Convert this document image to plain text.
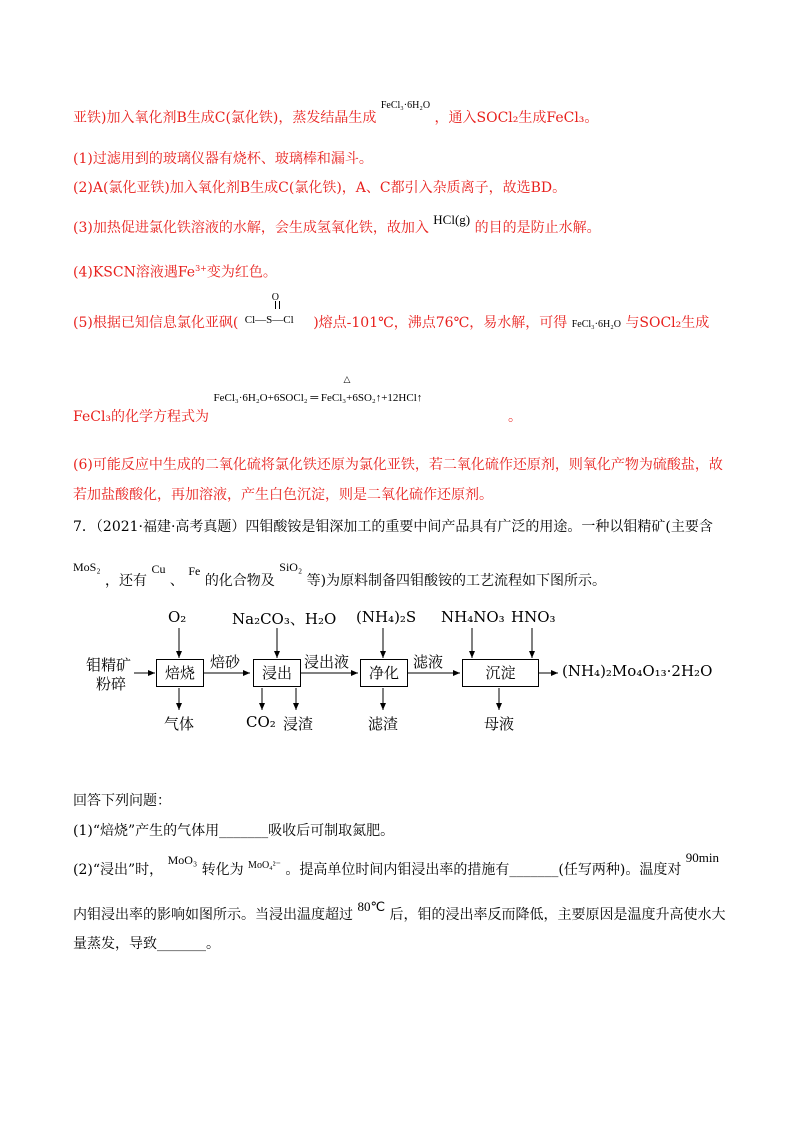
亚铁)加入氧化剂B生成C(氯化铁)，蒸发结晶生成 $^{FeCl_3\cdot 6H_2O}$ ，通入SOCl₂生成FeCl₃。
(1)过滤用到的玻璃仪器有烧杯、玻璃棒和漏斗。
(2)A(氯化亚铁)加入氧化剂B生成C(氯化铁)，A、C都引入杂质离子，故选BD。
(3)加热促进氯化铁溶液的水解，会生成氢氧化铁，故加入 HCl(g) 的目的是防止水解。
(4)KSCN溶液遇$Fe^{3+}$变为红色。
(5)根据已知信息氯化亚砜(
O
Cl—S—Cl )熔点-101℃，沸点76℃，易水解，可得 FeCl₃·6H₂O 与SOCl₂生成
FeCl₃的化学方程式为
△
FeCl₃·6H₂O+6SOCl₂ ═ FeCl₃+6SO₂↑+12HCl↑
。
(6)可能反应中生成的二氧化硫将氯化铁还原为氯化亚铁，若二氧化硫作还原剂，则氧化产物为硫酸盐，故
若加盐酸酸化，再加溶液，产生白色沉淀，则是二氧化硫作还原剂。
7．（2021·福建·高考真题）四钼酸铵是钼深加工的重要中间产品具有广泛的用途。一种以钼精矿(主要含
MoS₂ ，还有 Cu 、 Fe 的化合物及 SiO₂ 等)为原料制备四钼酸铵的工艺流程如下图所示。
钼精矿
粉碎
焙烧	浸出	净化	沉淀
O₂	Na₂CO₃、H₂O (NH₄)₂S NH₄NO₃ HNO₃
焙砂	浸出液	滤液
气体	CO₂ 浸渣	滤渣	母液
(NH₄)₂Mo₄O₁₃·2H₂O
回答下列问题：
(1)“焙烧”产生的气体用_______吸收后可制取氮肥。
(2)“浸出”时， MoO₃ 转化为 $^{MoO_4^{2-}}$ 。提高单位时间内钼浸出率的措施有_______(任写两种)。温度对 90min
内钼浸出率的影响如图所示。当浸出温度超过 80℃ 后，钼的浸出率反而降低，主要原因是温度升高使水大
量蒸发，导致_______。
